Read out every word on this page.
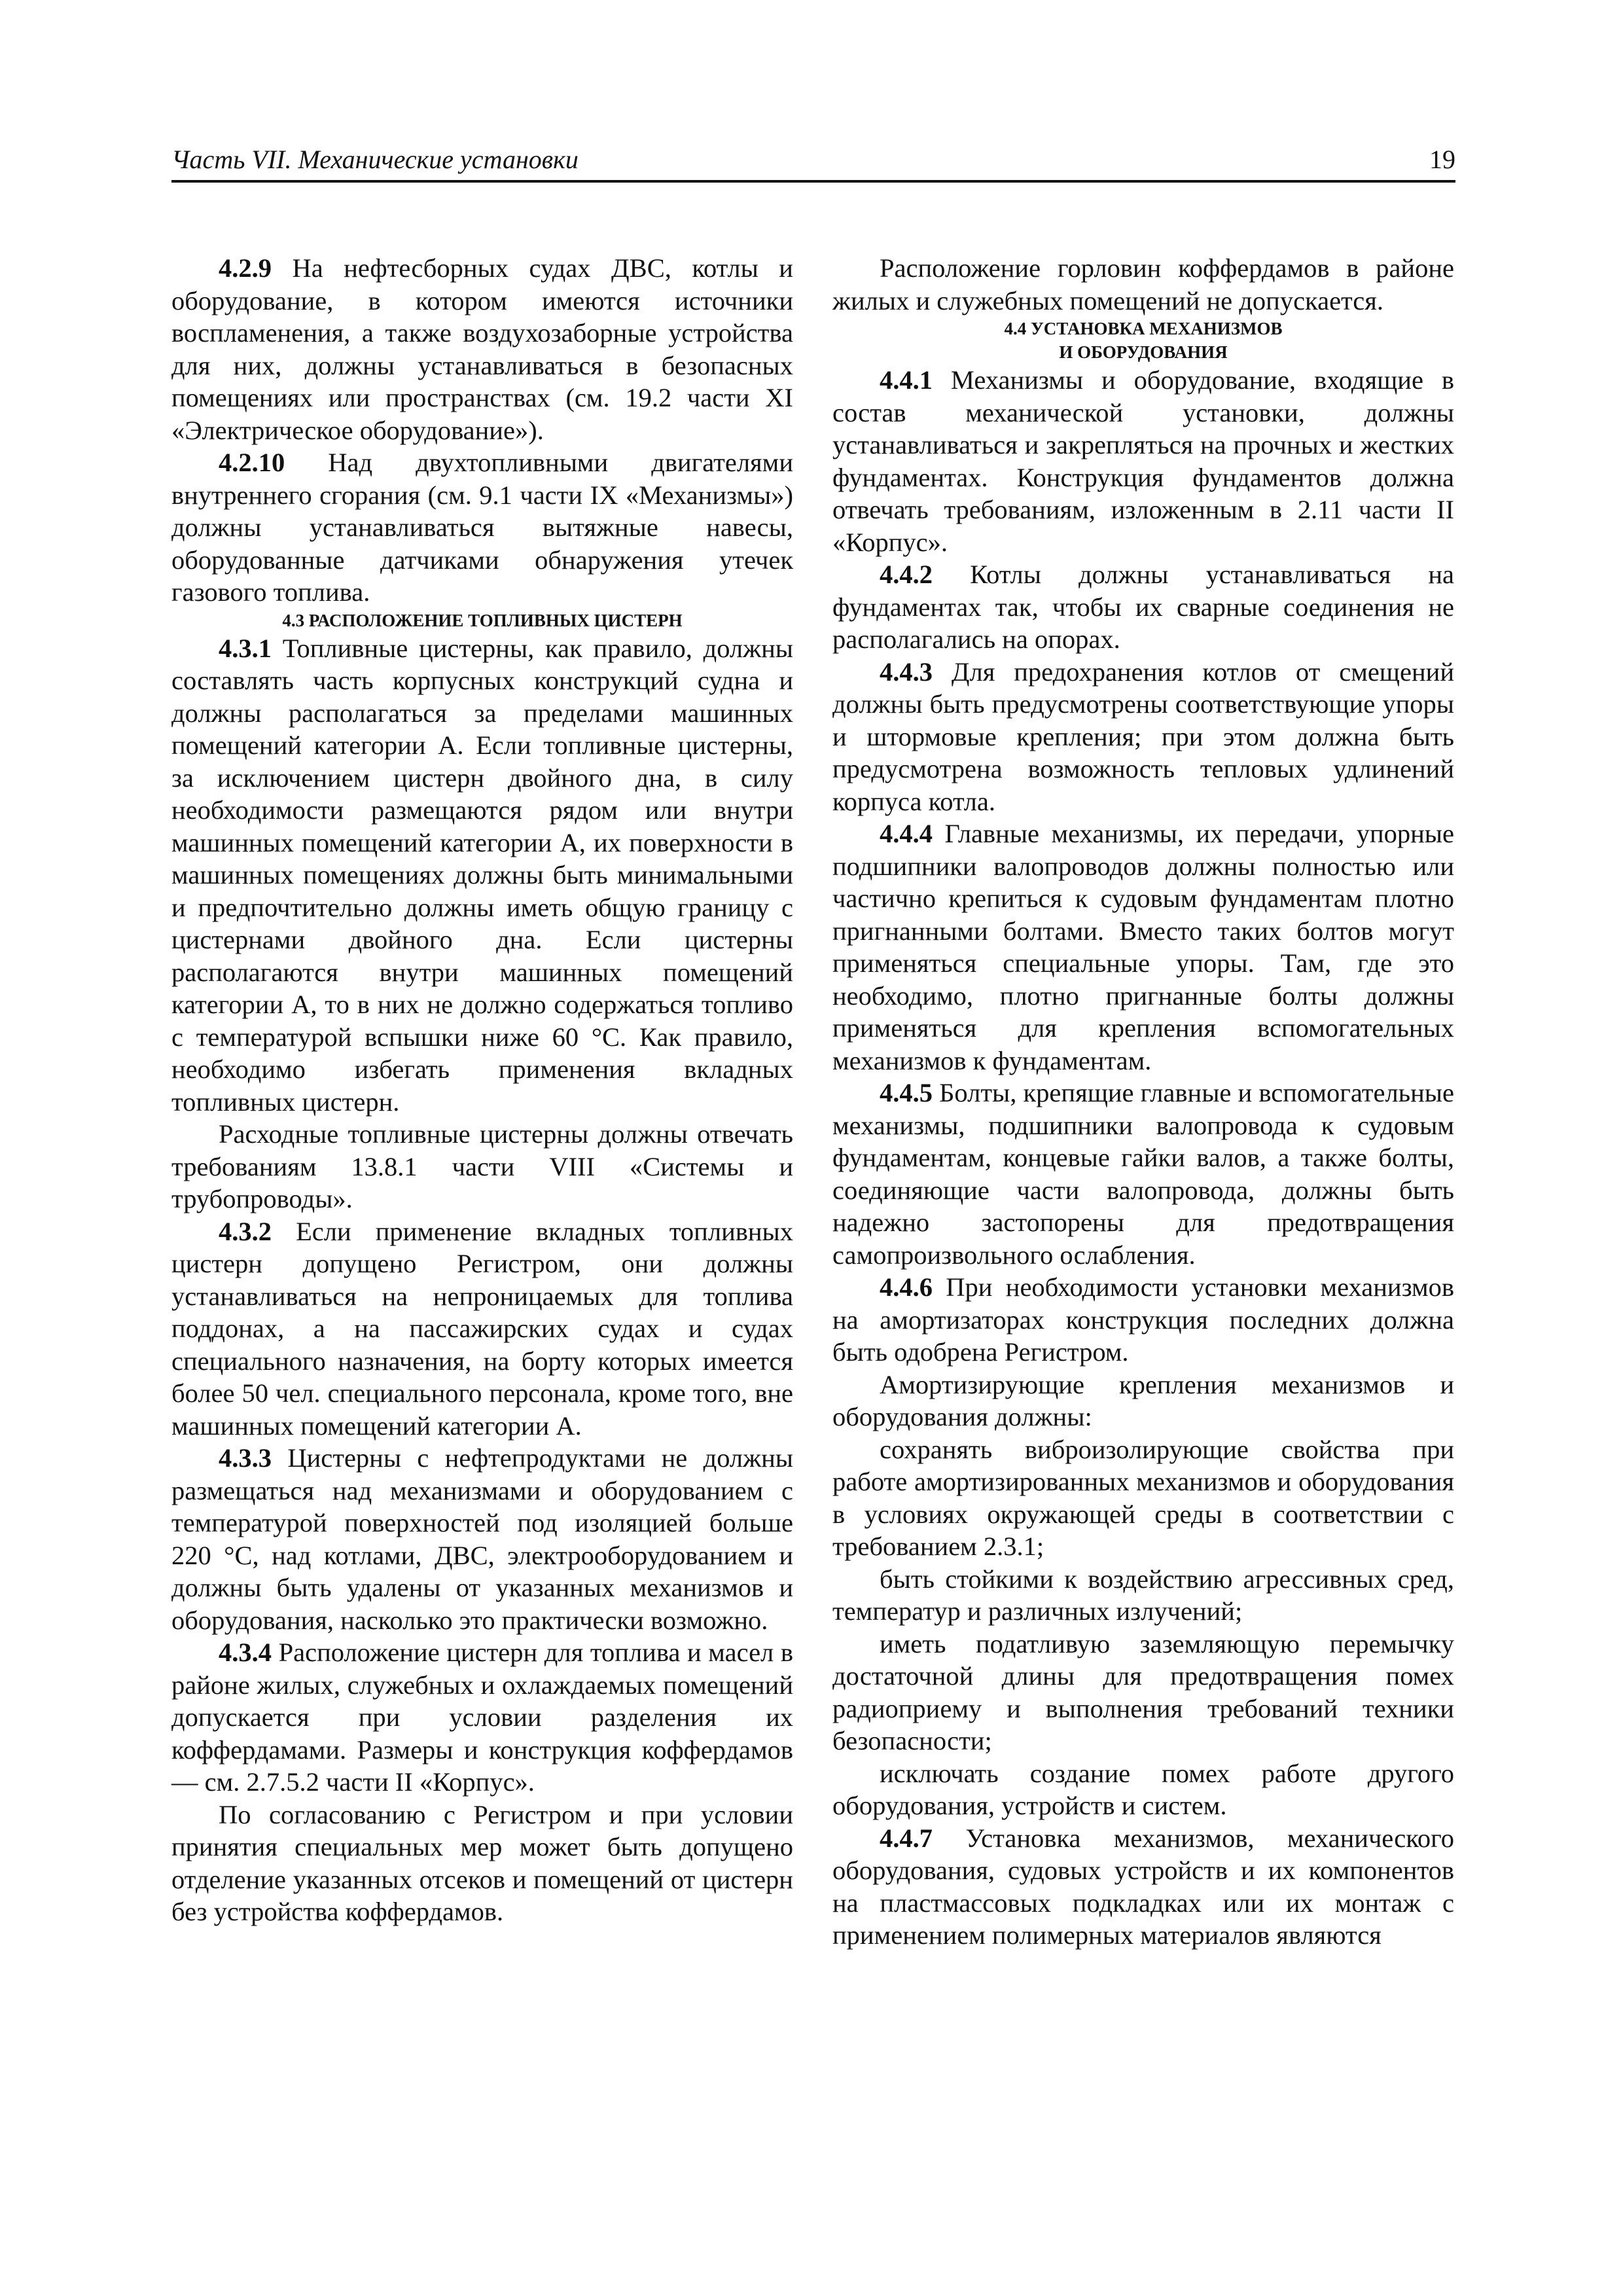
Часть VII. Механические установки	19

4.2.9 На нефтесборных судах ДВС, котлы и оборудование, в котором имеются источники воспламенения, а также воздухозаборные устройства для них, должны устанавливаться в безопасных помещениях или пространствах (см. 19.2 части XI «Электрическое оборудование»).

4.2.10 Над двухтопливными двигателями внутреннего сгорания (см. 9.1 части IX «Механизмы») должны устанавливаться вытяжные навесы, оборудованные датчиками обнаружения утечек газового топлива.

4.3 РАСПОЛОЖЕНИЕ ТОПЛИВНЫХ ЦИСТЕРН

4.3.1 Топливные цистерны, как правило, должны составлять часть корпусных конструкций судна и должны располагаться за пределами машинных помещений категории А. Если топливные цистерны, за исключением цистерн двойного дна, в силу необходимости размещаются рядом или внутри машинных помещений категории А, их поверхности в машинных помещениях должны быть минимальными и предпочтительно должны иметь общую границу с цистернами двойного дна. Если цистерны располагаются внутри машинных помещений категории А, то в них не должно содержаться топливо с температурой вспышки ниже 60 °С. Как правило, необходимо избегать применения вкладных топливных цистерн.

Расходные топливные цистерны должны отвечать требованиям 13.8.1 части VIII «Системы и трубопроводы».

4.3.2 Если применение вкладных топливных цистерн допущено Регистром, они должны устанавливаться на непроницаемых для топлива поддонах, а на пассажирских судах и судах специального назначения, на борту которых имеется более 50 чел. специального персонала, кроме того, вне машинных помещений категории А.

4.3.3 Цистерны с нефтепродуктами не должны размещаться над механизмами и оборудованием с температурой поверхностей под изоляцией больше 220 °С, над котлами, ДВС, электрооборудованием и должны быть удалены от указанных механизмов и оборудования, насколько это практически возможно.

4.3.4 Расположение цистерн для топлива и масел в районе жилых, служебных и охлаждаемых помещений допускается при условии разделения их коффердамами. Размеры и конструкция коффердамов — см. 2.7.5.2 части II «Корпус».

По согласованию с Регистром и при условии принятия специальных мер может быть допущено отделение указанных отсеков и помещений от цистерн без устройства коффердамов.

Расположение горловин коффердамов в районе жилых и служебных помещений не допускается.

4.4 УСТАНОВКА МЕХАНИЗМОВ
И ОБОРУДОВАНИЯ

4.4.1 Механизмы и оборудование, входящие в состав механической установки, должны устанавливаться и закрепляться на прочных и жестких фундаментах. Конструкция фундаментов должна отвечать требованиям, изложенным в 2.11 части II «Корпус».

4.4.2 Котлы должны устанавливаться на фундаментах так, чтобы их сварные соединения не располагались на опорах.

4.4.3 Для предохранения котлов от смещений должны быть предусмотрены соответствующие упоры и штормовые крепления; при этом должна быть предусмотрена возможность тепловых удлинений корпуса котла.

4.4.4 Главные механизмы, их передачи, упорные подшипники валопроводов должны полностью или частично крепиться к судовым фундаментам плотно пригнанными болтами. Вместо таких болтов могут применяться специальные упоры. Там, где это необходимо, плотно пригнанные болты должны применяться для крепления вспомогательных механизмов к фундаментам.

4.4.5 Болты, крепящие главные и вспомогательные механизмы, подшипники валопровода к судовым фундаментам, концевые гайки валов, а также болты, соединяющие части валопровода, должны быть надежно застопорены для предотвращения самопроизвольного ослабления.

4.4.6 При необходимости установки механизмов на амортизаторах конструкция последних должна быть одобрена Регистром.

Амортизирующие крепления механизмов и оборудования должны:

сохранять виброизолирующие свойства при работе амортизированных механизмов и оборудования в условиях окружающей среды в соответствии с требованием 2.3.1;

быть стойкими к воздействию агрессивных сред, температур и различных излучений;

иметь податливую заземляющую перемычку достаточной длины для предотвращения помех радиоприему и выполнения требований техники безопасности;

исключать создание помех работе другого оборудования, устройств и систем.

4.4.7 Установка механизмов, механического оборудования, судовых устройств и их компонентов на пластмассовых подкладках или их монтаж с применением полимерных материалов являются
